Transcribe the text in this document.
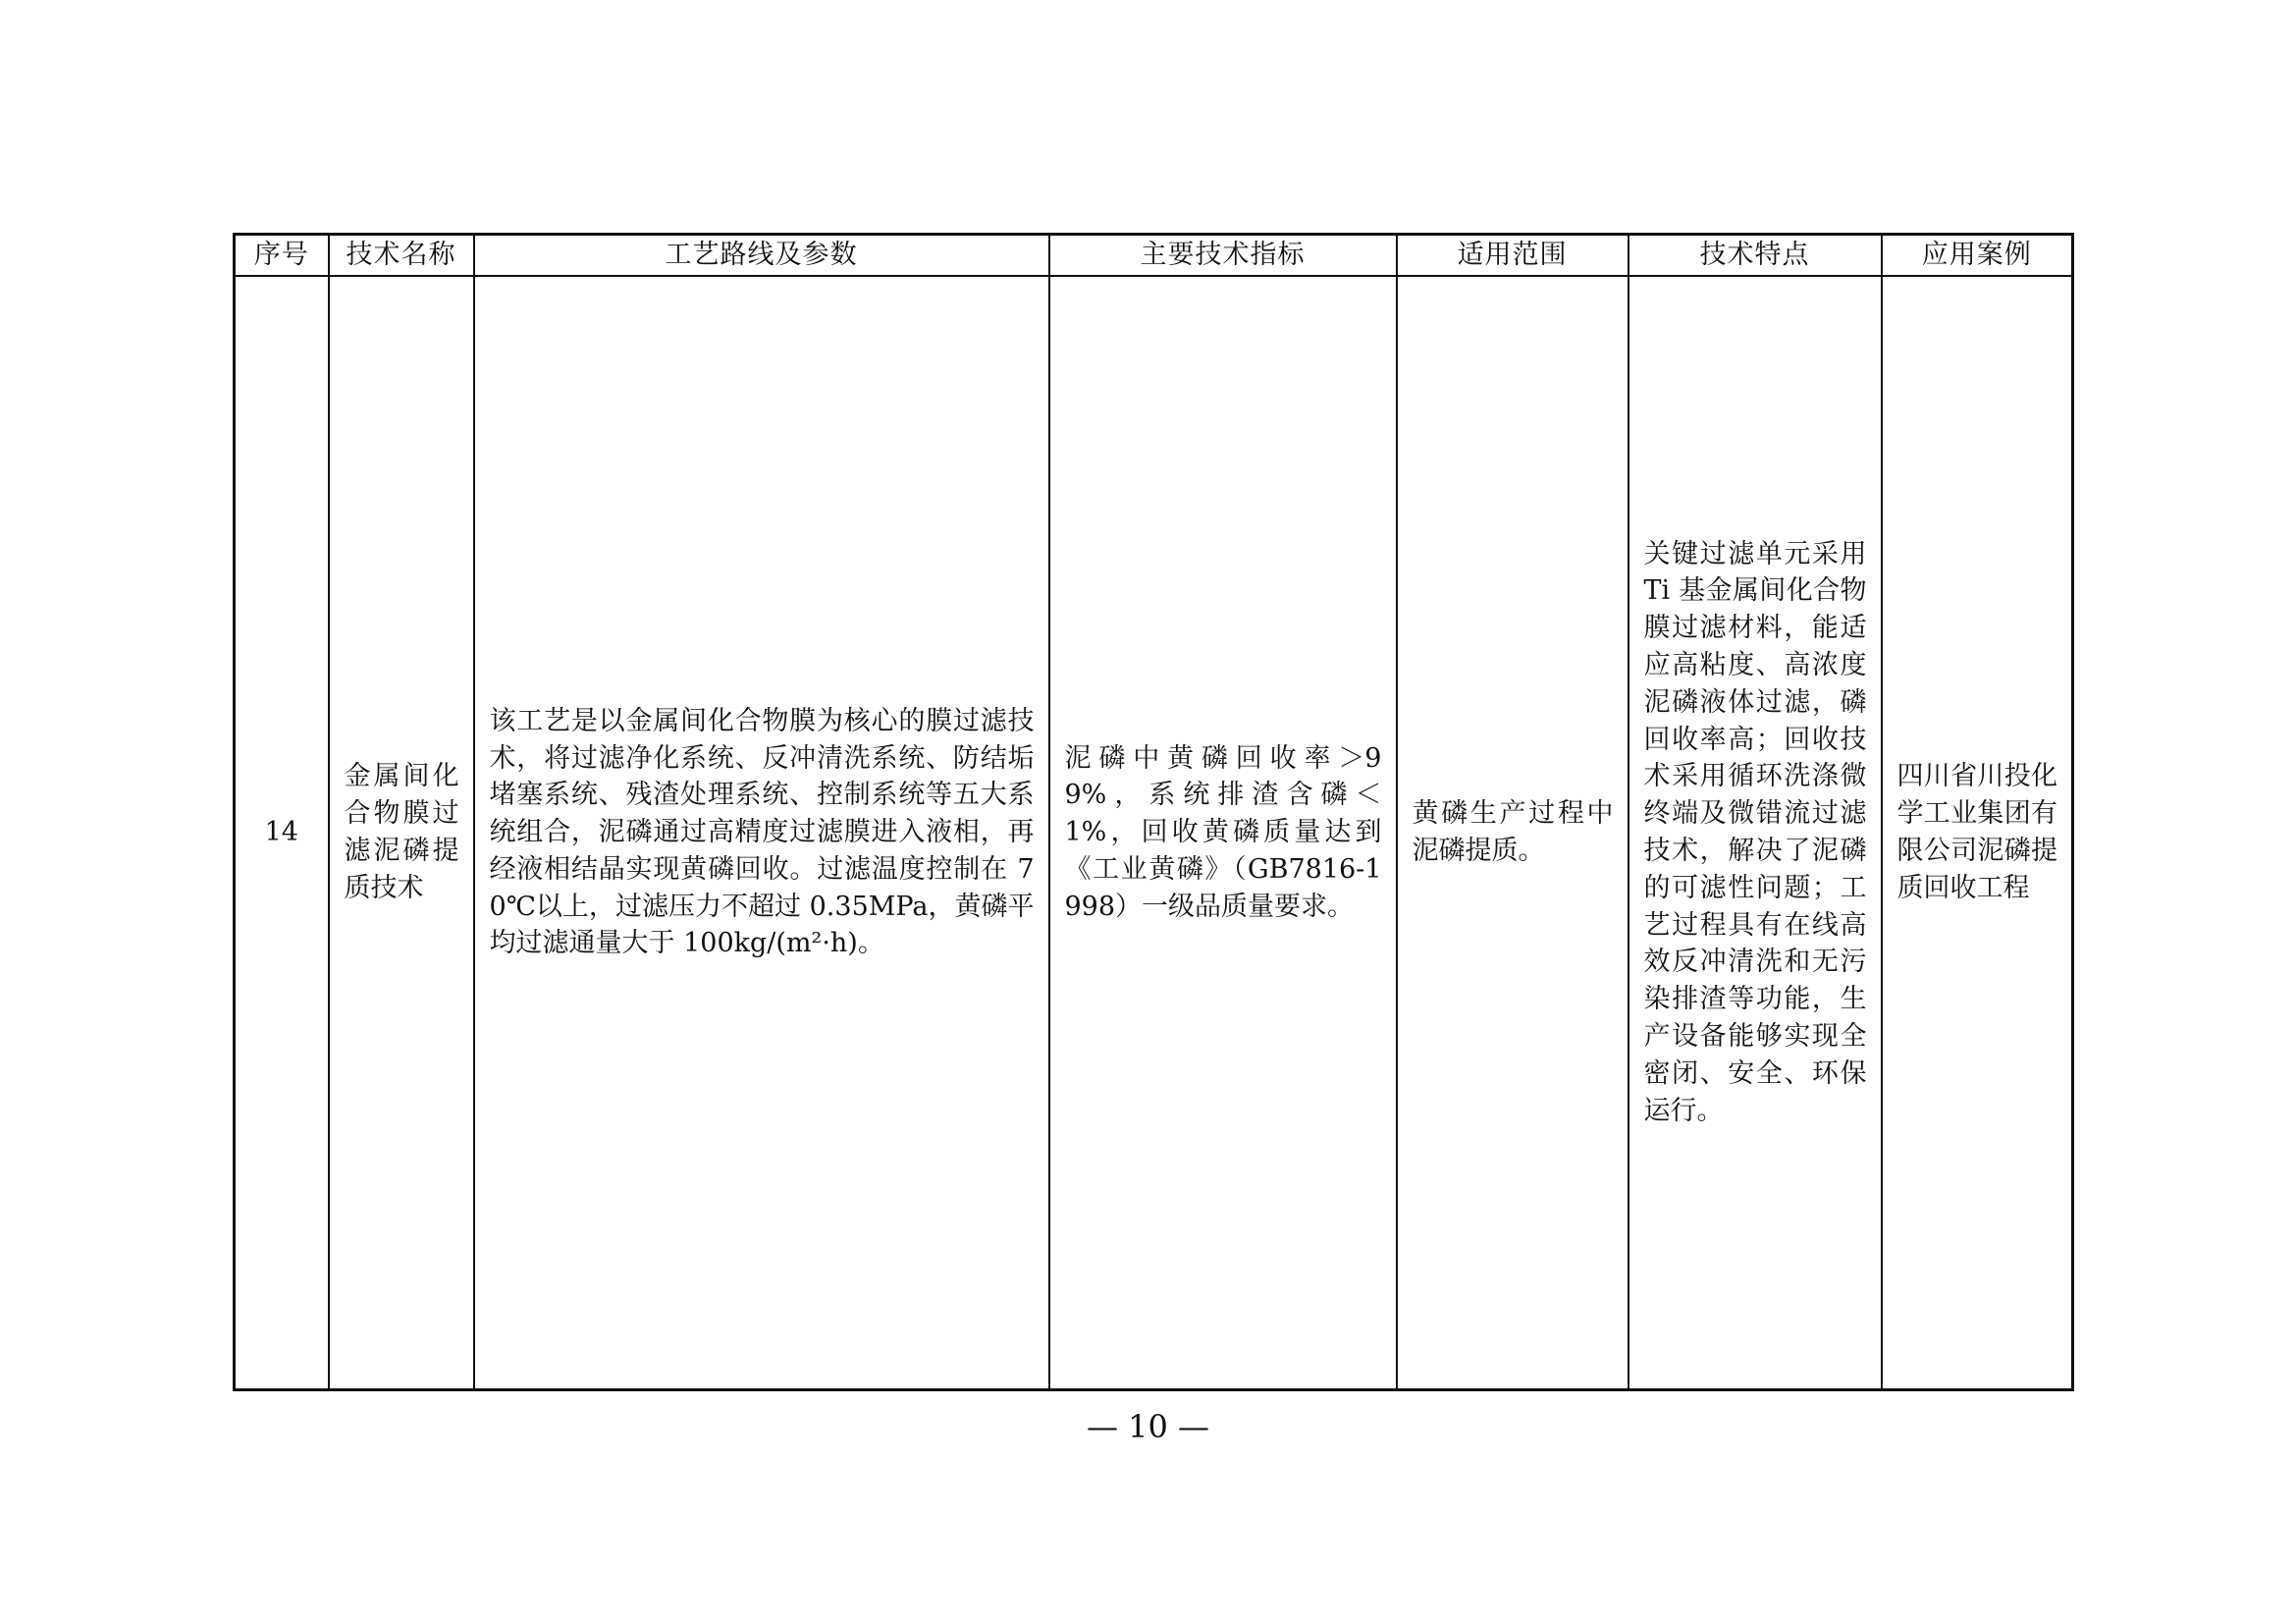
序号	技术名称	工艺路线及参数	主要技术指标	适用范围	技术特点	应用案例

14	金属间化合物膜过滤泥磷提质技术	该工艺是以金属间化合物膜为核心的膜过滤技术，将过滤净化系统、反冲清洗系统、防结垢堵塞系统、残渣处理系统、控制系统等五大系统组合，泥磷通过高精度过滤膜进入液相，再经液相结晶实现黄磷回收。过滤温度控制在 70℃以上，过滤压力不超过 0.35MPa，黄磷平均过滤通量大于 100kg/(m²·h)。	泥磷中黄磷回收率＞99%，系统排渣含磷＜1%，回收黄磷质量达到《工业黄磷》（GB7816-1998）一级品质量要求。	黄磷生产过程中泥磷提质。	关键过滤单元采用 Ti 基金属间化合物膜过滤材料，能适应高粘度、高浓度泥磷液体过滤，磷回收率高；回收技术采用循环洗涤微终端及微错流过滤技术，解决了泥磷的可滤性问题；工艺过程具有在线高效反冲清洗和无污染排渣等功能，生产设备能够实现全密闭、安全、环保运行。	四川省川投化学工业集团有限公司泥磷提质回收工程
— 10 —
